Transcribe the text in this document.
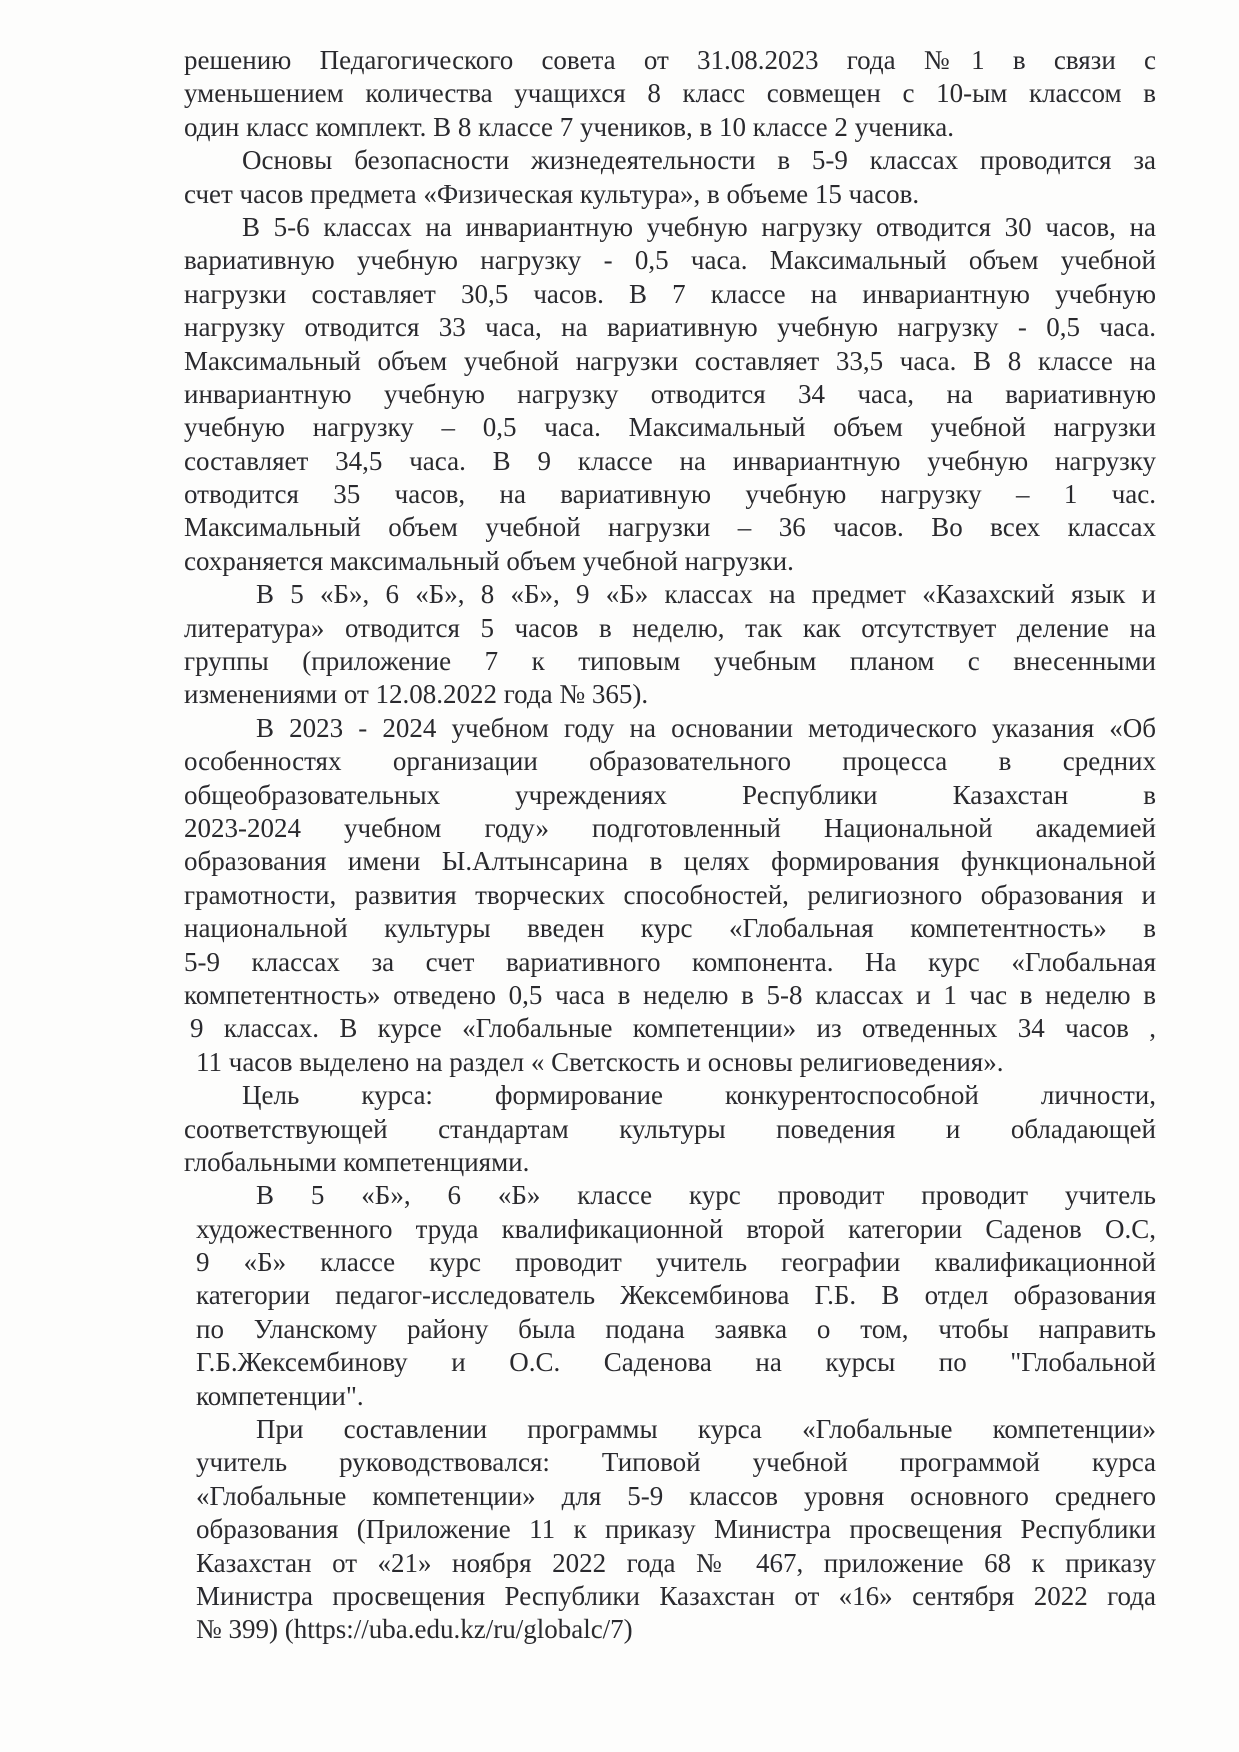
решению Педагогического совета от 31.08.2023 года №1 в связи с
уменьшением количества учащихся 8 класс совмещен с 10-ым классом в
один класс комплект. В 8 классе 7 учеников, в 10 классе 2 ученика.
Основы безопасности жизнедеятельности в 5-9 классах проводится за
счет часов предмета «Физическая культура», в объеме 15 часов.
В 5-6 классах на инвариантную учебную нагрузку отводится 30 часов, на
вариативную учебную нагрузку - 0,5 часа. Максимальный объем учебной
нагрузки составляет 30,5 часов. В 7 классе на инвариантную учебную
нагрузку отводится 33 часа, на вариативную учебную нагрузку - 0,5 часа.
Максимальный объем учебной нагрузки составляет 33,5 часа. В 8 классе на
инвариантную учебную нагрузку отводится 34 часа, на вариативную
учебную нагрузку – 0,5 часа. Максимальный объем учебной нагрузки
составляет 34,5 часа. В 9 классе на инвариантную учебную нагрузку
отводится 35 часов, на вариативную учебную нагрузку – 1 час.
Максимальный объем учебной нагрузки – 36 часов. Во всех классах
сохраняется максимальный объем учебной нагрузки.
В 5 «Б», 6 «Б», 8 «Б», 9 «Б» классах на предмет «Казахский язык и
литература» отводится 5 часов в неделю, так как отсутствует деление на
группы (приложение 7 к типовым учебным планом с внесенными
изменениями от 12.08.2022 года № 365).
В 2023 - 2024 учебном году на основании методического указания «Об
особенностях организации образовательного процесса в средних
общеобразовательных учреждениях Республики Казахстан в
2023-2024 учебном году» подготовленный Национальной академией
образования имени Ы.Алтынсарина в целях формирования функциональной
грамотности, развития творческих способностей, религиозного образования и
национальной культуры введен курс «Глобальная компетентность» в
5-9 классах за счет вариативного компонента. На курс «Глобальная
компетентность» отведено 0,5 часа в неделю в 5-8 классах и 1 час в неделю в
9 классах. В курсе «Глобальные компетенции» из отведенных 34 часов ,
11 часов выделено на раздел « Светскость и основы религиоведения».
Цель курса: формирование конкурентоспособной личности,
соответствующей стандартам культуры поведения и обладающей
глобальными компетенциями.
В 5 «Б», 6 «Б» классе курс проводит проводит учитель
художественного труда квалификационной второй категории Саденов О.С,
9 «Б» классе курс проводит учитель географии квалификационной
категории педагог-исследователь Жексембинова Г.Б. В отдел образования
по Уланскому району была подана заявка о том, чтобы направить
Г.Б.Жексембинову и О.С. Саденова на курсы по "Глобальной
компетенции".
При составлении программы курса «Глобальные компетенции»
учитель руководствовался: Типовой учебной программой курса
«Глобальные компетенции» для 5-9 классов уровня основного среднего
образования (Приложение 11 к приказу Министра просвещения Республики
Казахстан от «21» ноября 2022 года № 467, приложение 68 к приказу
Министра просвещения Республики Казахстан от «16» сентября 2022 года
№ 399) (https://uba.edu.kz/ru/globalc/7)
